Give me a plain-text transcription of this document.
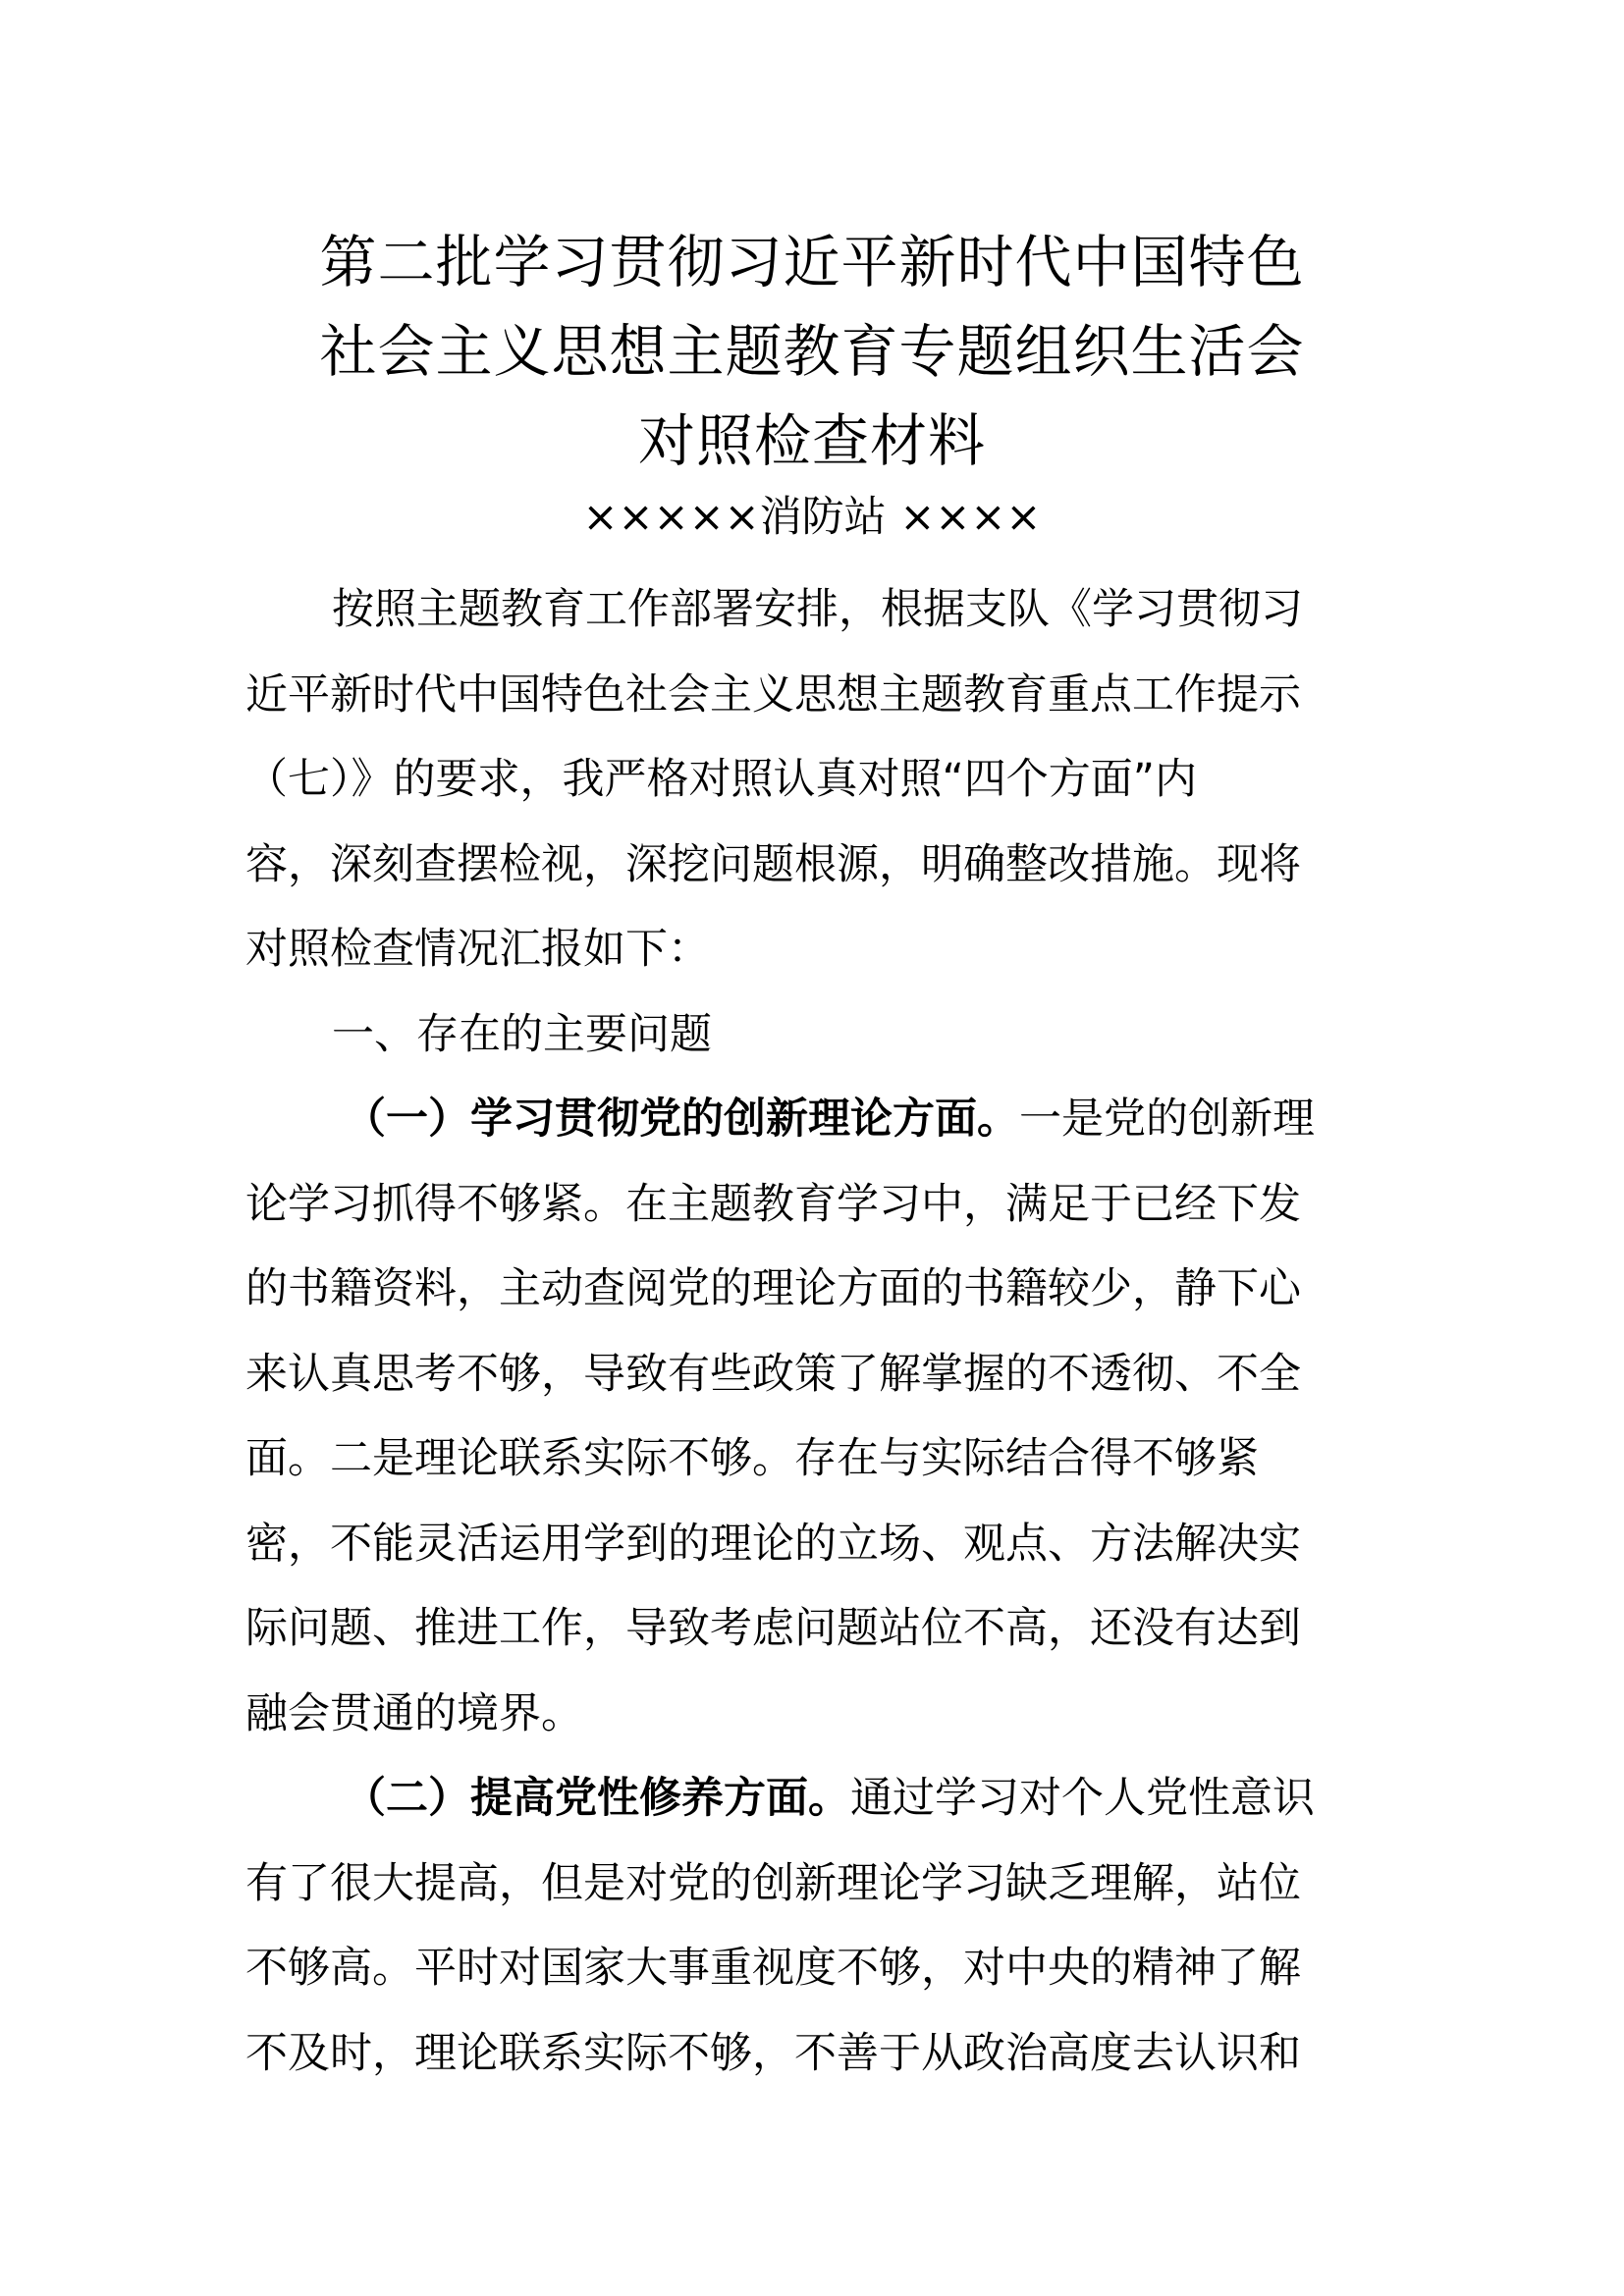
第二批学习贯彻习近平新时代中国特色
社会主义思想主题教育专题组织生活会
对照检查材料
×××××消防站 ××××
按照主题教育工作部署安排，根据支队《学习贯彻习
近平新时代中国特色社会主义思想主题教育重点工作提示
（七）》的要求，我严格对照认真对照“四个方面”内
容，深刻查摆检视，深挖问题根源，明确整改措施。现将
对照检查情况汇报如下：
一、存在的主要问题
（一）学习贯彻党的创新理论方面。一是党的创新理
论学习抓得不够紧。在主题教育学习中，满足于已经下发
的书籍资料，主动查阅党的理论方面的书籍较少，静下心
来认真思考不够，导致有些政策了解掌握的不透彻、不全
面。二是理论联系实际不够。存在与实际结合得不够紧
密，不能灵活运用学到的理论的立场、观点、方法解决实
际问题、推进工作，导致考虑问题站位不高，还没有达到
融会贯通的境界。
（二）提高党性修养方面。通过学习对个人党性意识
有了很大提高，但是对党的创新理论学习缺乏理解，站位
不够高。平时对国家大事重视度不够，对中央的精神了解
不及时，理论联系实际不够，不善于从政治高度去认识和
